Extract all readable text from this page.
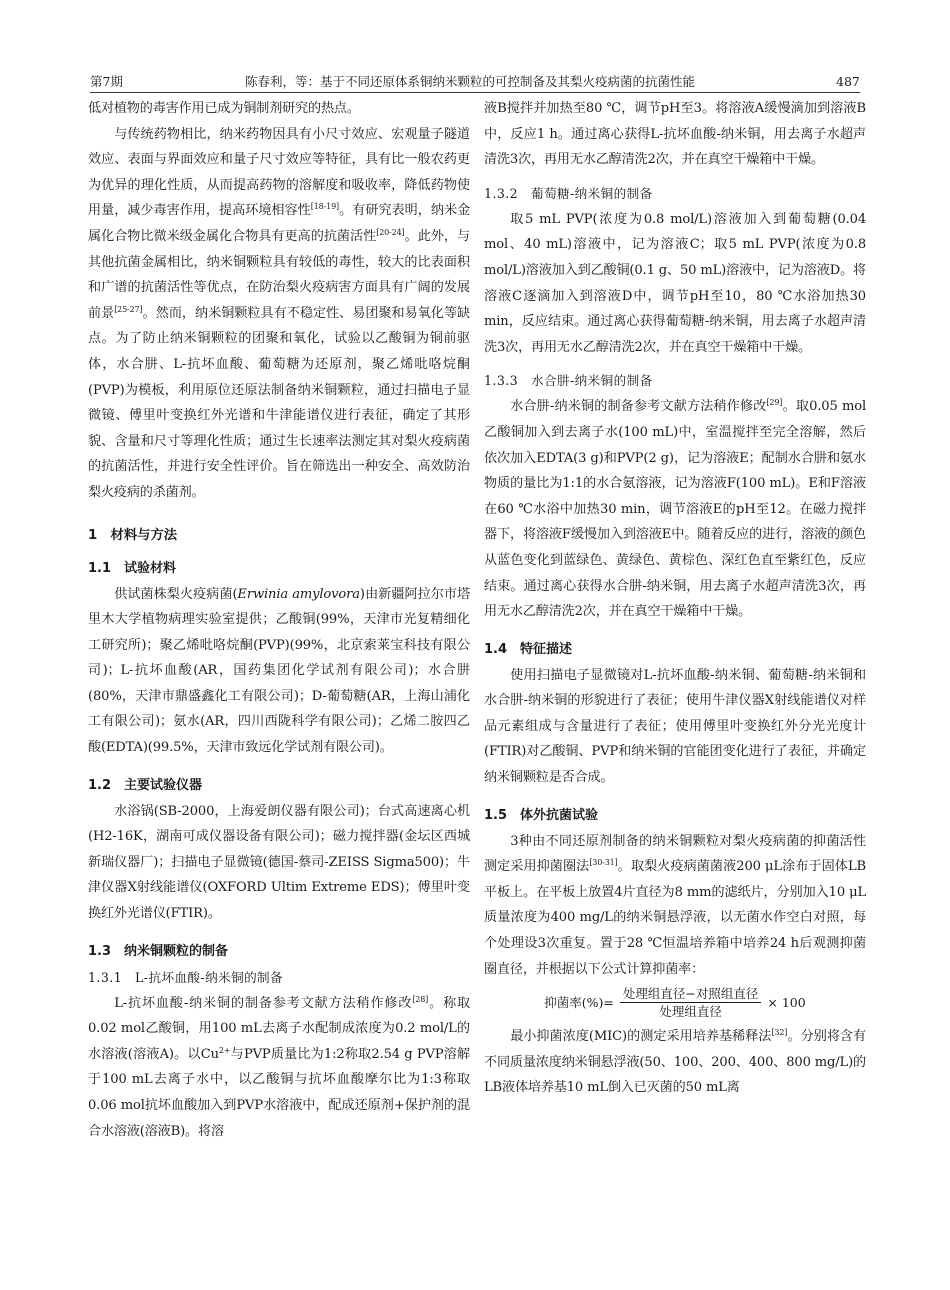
第7期	陈春利，等：基于不同还原体系铜纳米颗粒的可控制备及其梨火疫病菌的抗菌性能	487

低对植物的毒害作用已成为铜制剂研究的热点。

与传统药物相比，纳米药物因具有小尺寸效应、宏观量子隧道效应、表面与界面效应和量子尺寸效应等特征，具有比一般农药更为优异的理化性质，从而提高药物的溶解度和吸收率，降低药物使用量，减少毒害作用，提高环境相容性[18-19]。有研究表明，纳米金属化合物比微米级金属化合物具有更高的抗菌活性[20-24]。此外，与其他抗菌金属相比，纳米铜颗粒具有较低的毒性，较大的比表面积和广谱的抗菌活性等优点，在防治梨火疫病害方面具有广阔的发展前景[25-27]。然而，纳米铜颗粒具有不稳定性、易团聚和易氧化等缺点。为了防止纳米铜颗粒的团聚和氧化，试验以乙酸铜为铜前驱体，水合肼、L-抗坏血酸、葡萄糖为还原剂，聚乙烯吡咯烷酮(PVP)为模板，利用原位还原法制备纳米铜颗粒，通过扫描电子显微镜、傅里叶变换红外光谱和牛津能谱仪进行表征，确定了其形貌、含量和尺寸等理化性质；通过生长速率法测定其对梨火疫病菌的抗菌活性，并进行安全性评价。旨在筛选出一种安全、高效防治梨火疫病的杀菌剂。

1　材料与方法
1.1　试验材料

供试菌株梨火疫病菌(Erwinia amylovora)由新疆阿拉尔市塔里木大学植物病理实验室提供；乙酸铜(99%，天津市光复精细化工研究所)；聚乙烯吡咯烷酮(PVP)(99%，北京索莱宝科技有限公司)；L-抗坏血酸(AR，国药集团化学试剂有限公司)；水合肼(80%，天津市鼎盛鑫化工有限公司)；D-葡萄糖(AR，上海山浦化工有限公司)；氨水(AR，四川西陇科学有限公司)；乙烯二胺四乙酸(EDTA)(99.5%，天津市致远化学试剂有限公司)。

1.2　主要试验仪器

水浴锅(SB-2000，上海爱朗仪器有限公司)；台式高速离心机(H2-16K，湖南可成仪器设备有限公司)；磁力搅拌器(金坛区西城新瑞仪器厂)；扫描电子显微镜(德国-蔡司-ZEISS Sigma500)；牛津仪器X射线能谱仪(OXFORD Ultim Extreme EDS)；傅里叶变换红外光谱仪(FTIR)。

1.3　纳米铜颗粒的制备
1.3.1　L-抗坏血酸-纳米铜的制备

L-抗坏血酸-纳米铜的制备参考文献方法稍作修改[28]。称取0.02 mol乙酸铜，用100 mL去离子水配制成浓度为0.2 mol/L的水溶液(溶液A)。以$Cu^{2+}$与PVP质量比为1:2称取2.54 g PVP溶解于100 mL去离子水中，以乙酸铜与抗坏血酸摩尔比为1:3称取0.06 mol抗坏血酸加入到PVP水溶液中，配成还原剂+保护剂的混合水溶液(溶液B)。将溶

液B搅拌并加热至80 ℃，调节pH至3。将溶液A缓慢滴加到溶液B中，反应1 h。通过离心获得L-抗坏血酸-纳米铜，用去离子水超声清洗3次，再用无水乙醇清洗2次，并在真空干燥箱中干燥。

1.3.2　葡萄糖-纳米铜的制备

取5 mL PVP(浓度为0.8 mol/L)溶液加入到葡萄糖(0.04 mol、40 mL)溶液中，记为溶液C；取5 mL PVP(浓度为0.8 mol/L)溶液加入到乙酸铜(0.1 g、50 mL)溶液中，记为溶液D。将溶液C逐滴加入到溶液D中，调节pH至10，80 ℃水浴加热30 min，反应结束。通过离心获得葡萄糖-纳米铜，用去离子水超声清洗3次，再用无水乙醇清洗2次，并在真空干燥箱中干燥。

1.3.3　水合肼-纳米铜的制备

水合肼-纳米铜的制备参考文献方法稍作修改[29]。取0.05 mol乙酸铜加入到去离子水(100 mL)中，室温搅拌至完全溶解，然后依次加入EDTA(3 g)和PVP(2 g)，记为溶液E；配制水合肼和氨水物质的量比为1:1的水合氨溶液，记为溶液F(100 mL)。E和F溶液在60 ℃水浴中加热30 min，调节溶液E的pH至12。在磁力搅拌器下，将溶液F缓慢加入到溶液E中。随着反应的进行，溶液的颜色从蓝色变化到蓝绿色、黄绿色、黄棕色、深红色直至紫红色，反应结束。通过离心获得水合肼-纳米铜，用去离子水超声清洗3次，再用无水乙醇清洗2次，并在真空干燥箱中干燥。

1.4　特征描述

使用扫描电子显微镜对L-抗坏血酸-纳米铜、葡萄糖-纳米铜和水合肼-纳米铜的形貌进行了表征；使用牛津仪器X射线能谱仪对样品元素组成与含量进行了表征；使用傅里叶变换红外分光光度计(FTIR)对乙酸铜、PVP和纳米铜的官能团变化进行了表征，并确定纳米铜颗粒是否合成。

1.5　体外抗菌试验

3种由不同还原剂制备的纳米铜颗粒对梨火疫病菌的抑菌活性测定采用抑菌圈法[30-31]。取梨火疫病菌菌液200 μL涂布于固体LB平板上。在平板上放置4片直径为8 mm的滤纸片，分别加入10 μL质量浓度为400 mg/L的纳米铜悬浮液，以无菌水作空白对照，每个处理设3次重复。置于28 ℃恒温培养箱中培养24 h后观测抑菌圈直径，并根据以下公式计算抑菌率：

抑菌率(%)= $\frac{\text{处理组直径−对照组直径}}{\text{处理组直径}} \times 100$

最小抑菌浓度(MIC)的测定采用培养基稀释法[32]。分别将含有不同质量浓度纳米铜悬浮液(50、100、200、400、800 mg/L)的LB液体培养基10 mL倒入已灭菌的50 mL离
